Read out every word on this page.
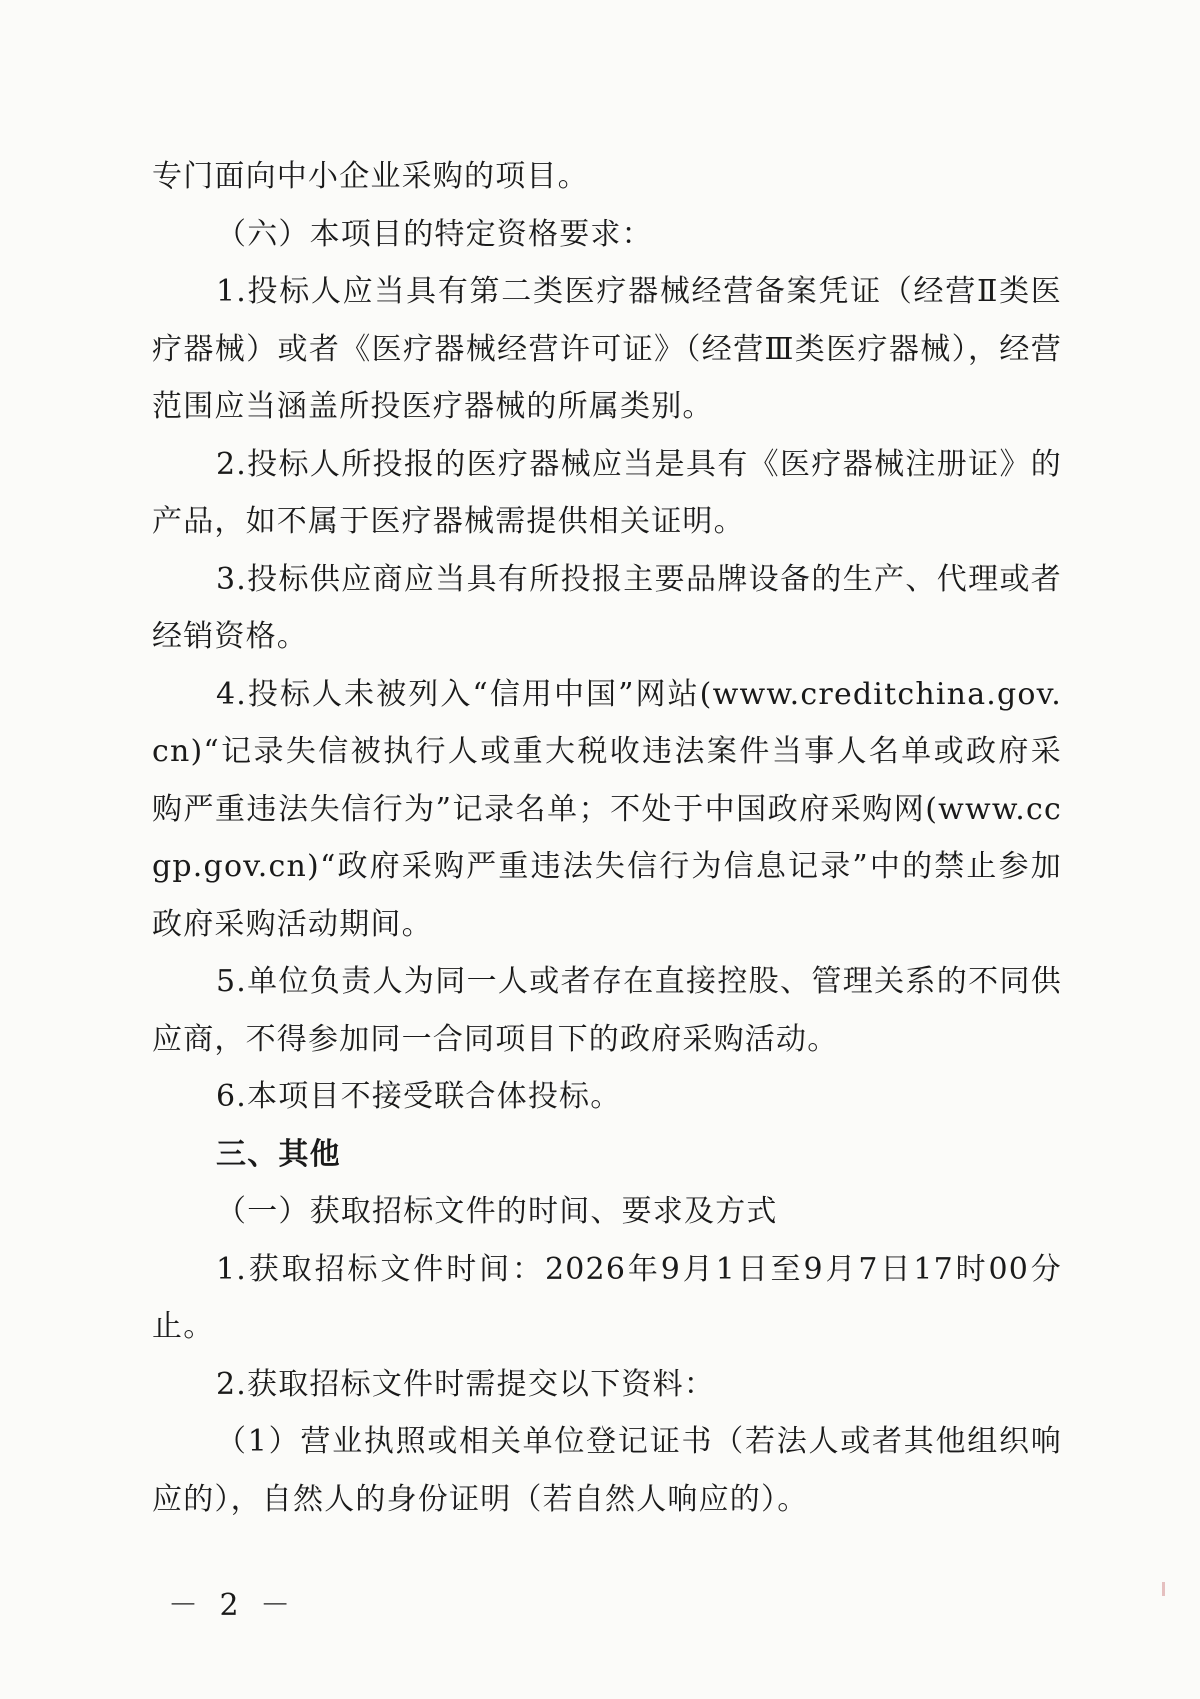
专门面向中小企业采购的项目。

（六）本项目的特定资格要求：

1.投标人应当具有第二类医疗器械经营备案凭证（经营Ⅱ类医疗器械）或者《医疗器械经营许可证》（经营Ⅲ类医疗器械），经营范围应当涵盖所投医疗器械的所属类别。

2.投标人所投报的医疗器械应当是具有《医疗器械注册证》的产品，如不属于医疗器械需提供相关证明。

3.投标供应商应当具有所投报主要品牌设备的生产、代理或者经销资格。

4.投标人未被列入“信用中国”网站(www.creditchina.gov.cn)“记录失信被执行人或重大税收违法案件当事人名单或政府采购严重违法失信行为”记录名单；不处于中国政府采购网(www.ccgp.gov.cn)“政府采购严重违法失信行为信息记录”中的禁止参加政府采购活动期间。

5.单位负责人为同一人或者存在直接控股、管理关系的不同供应商，不得参加同一合同项目下的政府采购活动。

6.本项目不接受联合体投标。

三、其他

（一）获取招标文件的时间、要求及方式

1.获取招标文件时间：2026年9月1日至9月7日17时00分止。

2.获取招标文件时需提交以下资料：

（1）营业执照或相关单位登记证书（若法人或者其他组织响应的），自然人的身份证明（若自然人响应的）。

－ 2 －
